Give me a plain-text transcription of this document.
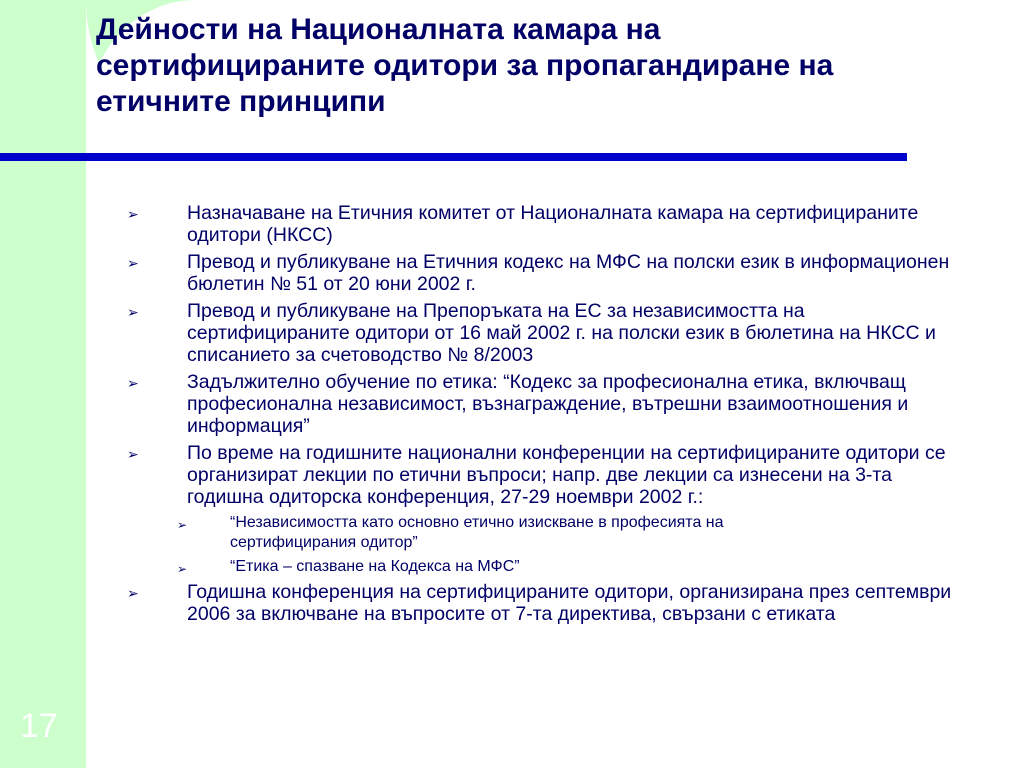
Дейности на Националната камара на сертифицираните одитори за пропагандиране на етичните принципи
➢ Назначаване на Етичния комитет от Националната камара на сертифицираните одитори (НКСС)
➢ Превод и публикуване на Етичния кодекс на МФС на полски език в информационен бюлетин № 51 от 20 юни 2002 г.
➢ Превод и публикуване на Препоръката на ЕС за независимостта на сертифицираните одитори от 16 май 2002 г. на полски език в бюлетина на НКСС и списанието за счетоводство № 8/2003
➢ Задължително обучение по етика: “Кодекс за професионална етика, включващ професионална независимост, възнаграждение, вътрешни взаимоотношения и информация”
➢ По време на годишните национални конференции на сертифицираните одитори се организират лекции по етични въпроси; напр. две лекции са изнесени на 3-та годишна одиторска конференция, 27-29 ноември 2002 г.:
➢	“Независимостта като основно етично изискване в професията на сертифицирания одитор”
➢	“Етика – спазване на Кодекса на МФС”
➢ Годишна конференция на сертифицираните одитори, организирана през септември 2006 за включване на въпросите от 7-та директива, свързани с етиката
17
